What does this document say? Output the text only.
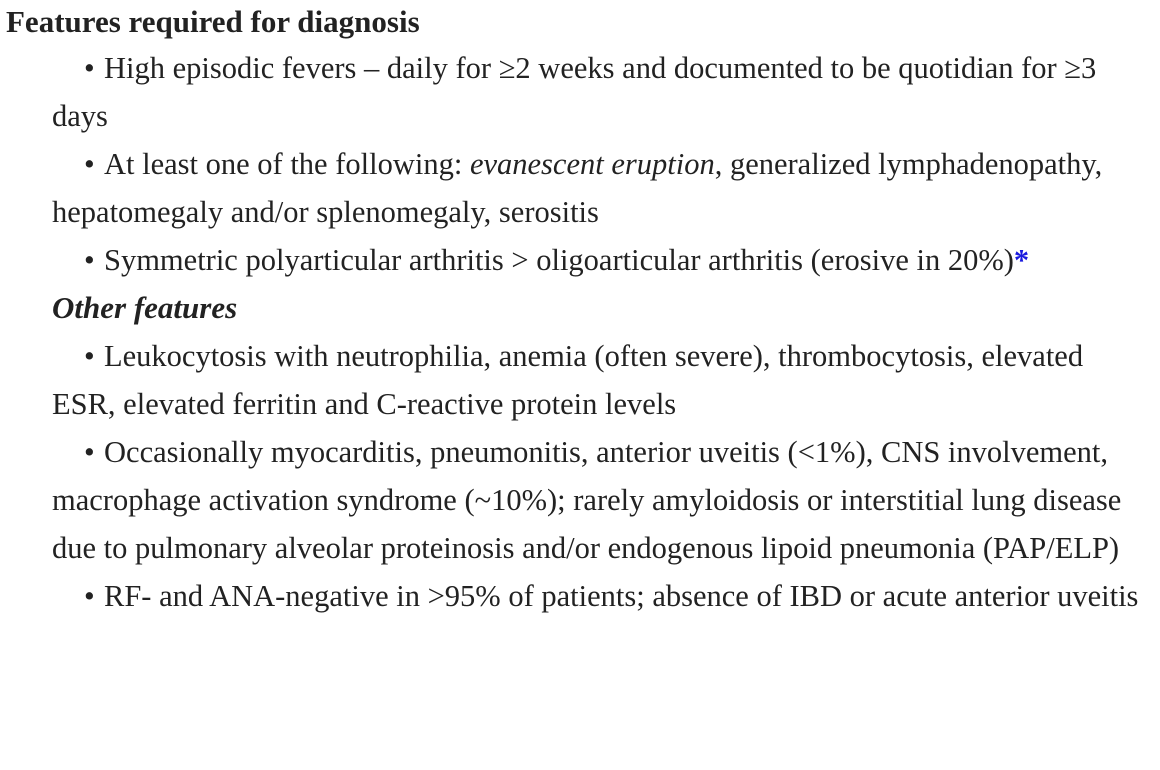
Features required for diagnosis

• High episodic fevers – daily for ≥2 weeks and documented to be quotidian for ≥3 days

• At least one of the following: evanescent eruption, generalized lymphadenopathy, hepatomegaly and/or splenomegaly, serositis

• Symmetric polyarticular arthritis > oligoarticular arthritis (erosive in 20%)*

Other features

• Leukocytosis with neutrophilia, anemia (often severe), thrombocytosis, elevated ESR, elevated ferritin and C-reactive protein levels

• Occasionally myocarditis, pneumonitis, anterior uveitis (<1%), CNS involvement, macrophage activation syndrome (~10%); rarely amyloidosis or interstitial lung disease due to pulmonary alveolar proteinosis and/or endogenous lipoid pneumonia (PAP/ELP)

• RF- and ANA-negative in >95% of patients; absence of IBD or acute anterior uveitis
